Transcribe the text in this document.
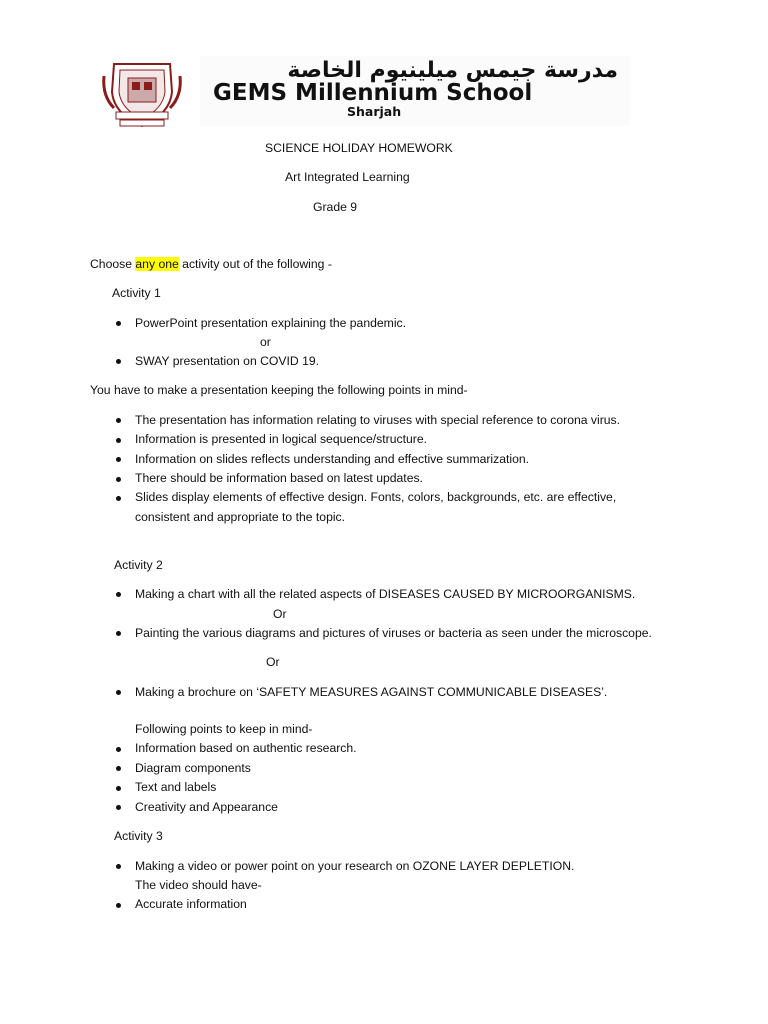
مدرسة جيمس ميلينيوم الخاصة
GEMS Millennium School
Sharjah
SCIENCE HOLIDAY HOMEWORK
Art Integrated Learning
Grade 9
Choose any one activity out of the following -
Activity 1
PowerPoint presentation explaining the pandemic.
or
SWAY presentation on COVID 19.
You have to make a presentation keeping the following points in mind-
The presentation has information relating to viruses with special reference to corona virus.
Information is presented in logical sequence/structure.
Information on slides reflects understanding and effective summarization.
There should be information based on latest updates.
Slides display elements of effective design. Fonts, colors, backgrounds, etc. are effective,
consistent and appropriate to the topic.
Activity 2
Making a chart with all the related aspects of DISEASES CAUSED BY MICROORGANISMS.
Or
Painting the various diagrams and pictures of viruses or bacteria as seen under the microscope.
Or
Making a brochure on ‘SAFETY MEASURES AGAINST COMMUNICABLE DISEASES’.
Following points to keep in mind-
Information based on authentic research.
Diagram components
Text and labels
Creativity and Appearance
Activity 3
Making a video or power point on your research on OZONE LAYER DEPLETION.
The video should have-
Accurate information
